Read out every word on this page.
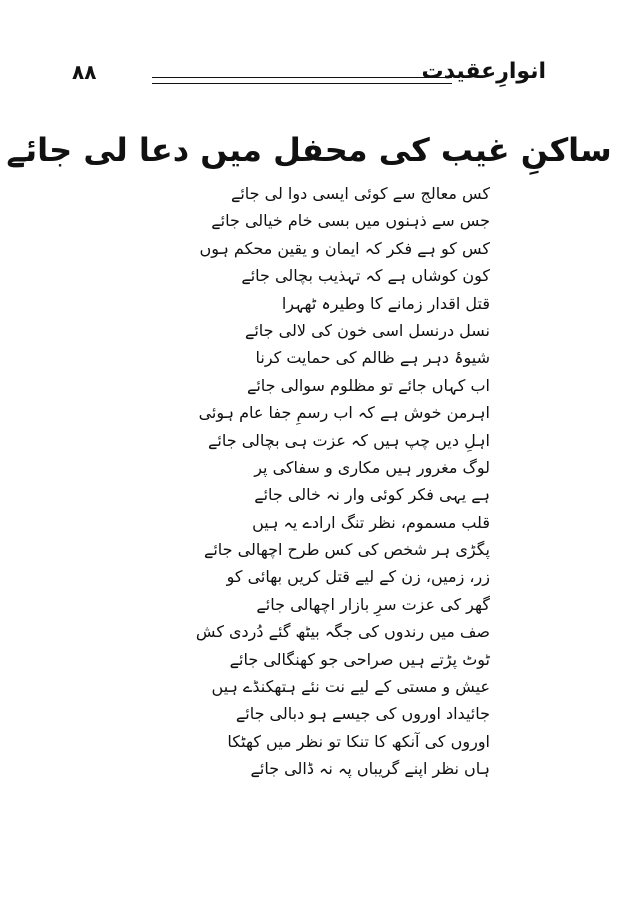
۸۸	انوارِعقیدت
ساکنِ غیب کی محفل میں دعا لی جائے
کس معالج سے کوئی ایسی دوا لی جائے
جس سے ذہنوں میں بسی خام خیالی جائے
کس کو ہے فکر کہ ایمان و یقین محکم ہوں
کون کوشاں ہے کہ تہذیب بچالی جائے
قتل اقدار زمانے کا وطیرہ ٹھہرا
نسل درنسل اسی خون کی لالی جائے
شیوۂ دہر ہے ظالم کی حمایت کرنا
اب کہاں جائے تو مظلوم سوالی جائے
اہرمن خوش ہے کہ اب رسمِ جفا عام ہوئی
اہلِ دیں چپ ہیں کہ عزت ہی بچالی جائے
لوگ مغرور ہیں مکاری و سفاکی پر
ہے یہی فکر کوئی وار نہ خالی جائے
قلب مسموم، نظر تنگ ارادے یہ ہیں
پگڑی ہر شخص کی کس طرح اچھالی جائے
زر، زمیں، زن کے لیے قتل کریں بھائی کو
گھر کی عزت سرِ بازار اچھالی جائے
صف میں رندوں کی جگہ بیٹھ گئے دُردی کش
ٹوٹ پڑتے ہیں صراحی جو کھنگالی جائے
عیش و مستی کے لیے نت نئے ہتھکنڈے ہیں
جائیداد اوروں کی جیسے ہو دبالی جائے
اوروں کی آنکھ کا تنکا تو نظر میں کھٹکا
ہاں نظر اپنے گریباں پہ نہ ڈالی جائے
